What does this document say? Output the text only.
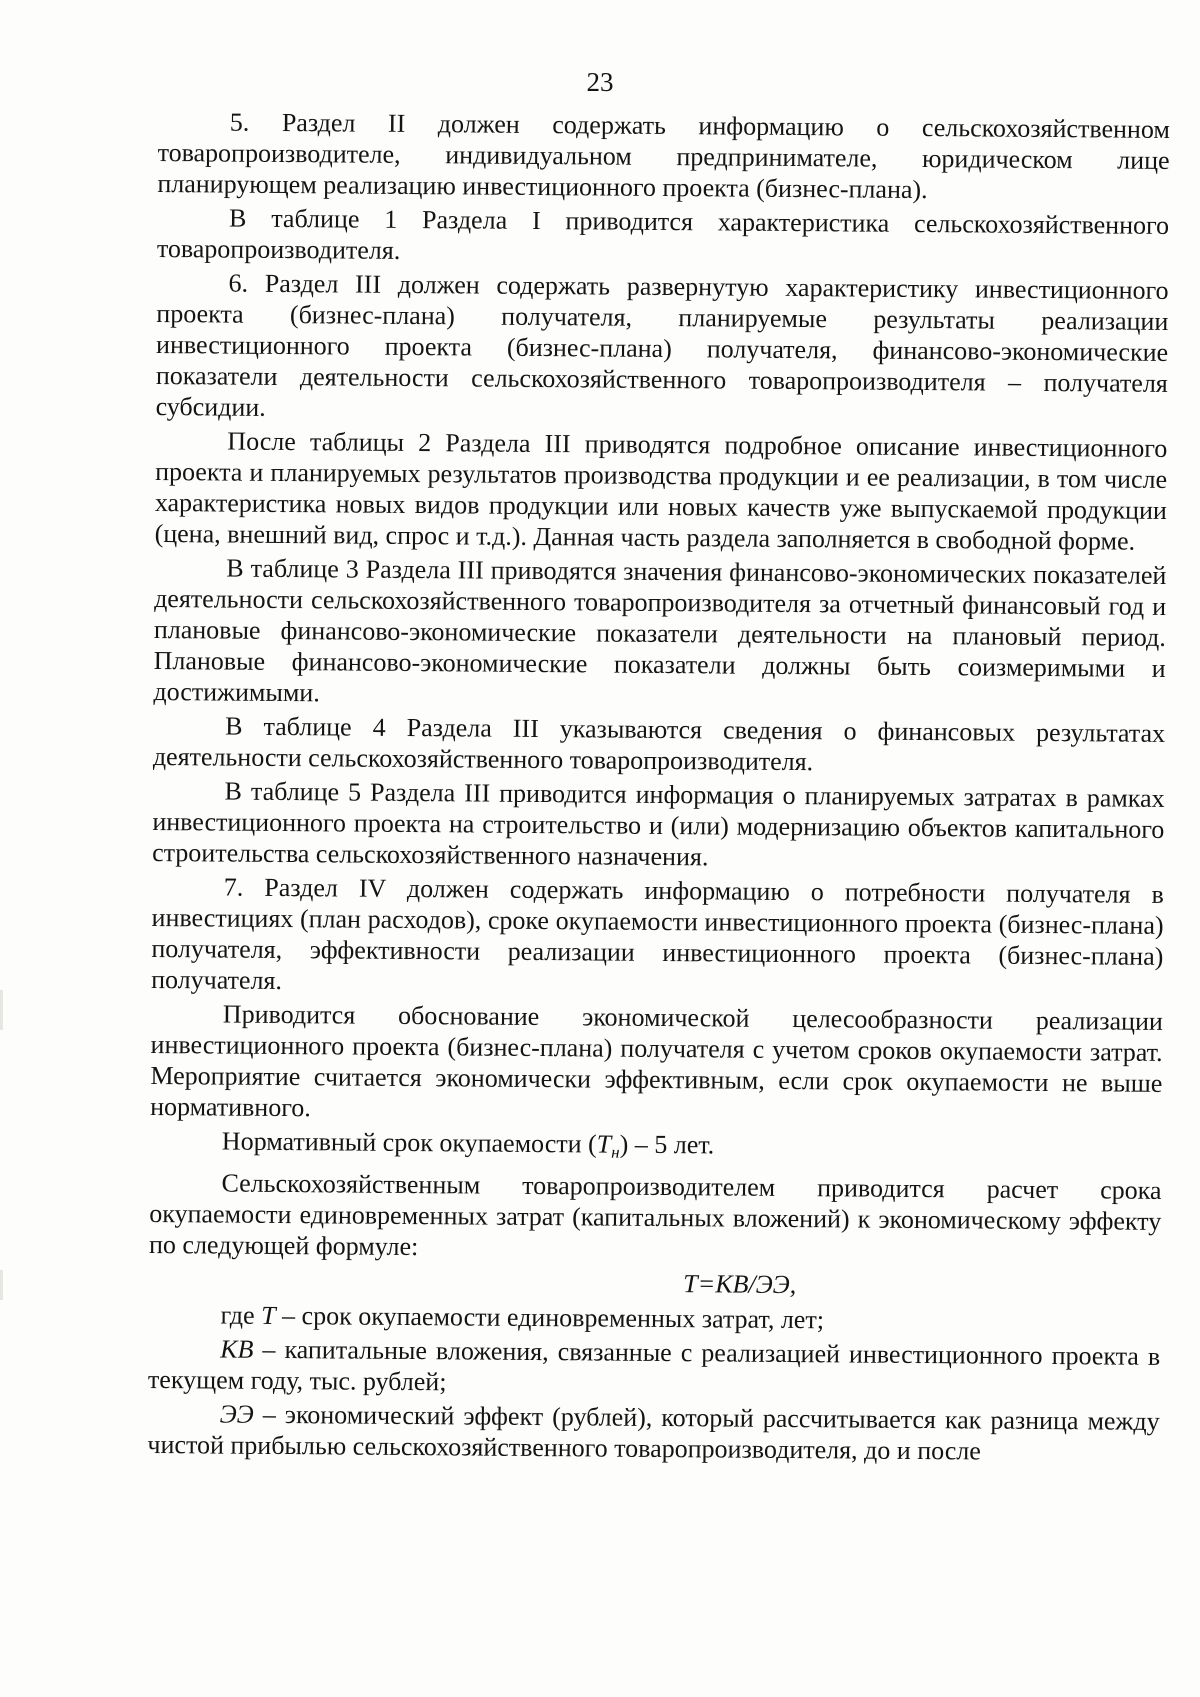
23

5. Раздел II должен содержать информацию о сельскохозяйственном товаропроизводителе, индивидуальном предпринимателе, юридическом лице планирующем реализацию инвестиционного проекта (бизнес-плана).

В таблице 1 Раздела I приводится характеристика сельскохозяйственного товаропроизводителя.

6. Раздел III должен содержать развернутую характеристику инвестиционного проекта (бизнес-плана) получателя, планируемые результаты реализации инвестиционного проекта (бизнес-плана) получателя, финансово-экономические показатели деятельности сельскохозяйственного товаропроизводителя – получателя субсидии.

После таблицы 2 Раздела III приводятся подробное описание инвестиционного проекта и планируемых результатов производства продукции и ее реализации, в том числе характеристика новых видов продукции или новых качеств уже выпускаемой продукции (цена, внешний вид, спрос и т.д.). Данная часть раздела заполняется в свободной форме.

В таблице 3 Раздела III приводятся значения финансово-экономических показателей деятельности сельскохозяйственного товаропроизводителя за отчетный финансовый год и плановые финансово-экономические показатели деятельности на плановый период. Плановые финансово-экономические показатели должны быть соизмеримыми и достижимыми.

В таблице 4 Раздела III указываются сведения о финансовых результатах деятельности сельскохозяйственного товаропроизводителя.

В таблице 5 Раздела III приводится информация о планируемых затратах в рамках инвестиционного проекта на строительство и (или) модернизацию объектов капитального строительства сельскохозяйственного назначения.

7. Раздел IV должен содержать информацию о потребности получателя в инвестициях (план расходов), сроке окупаемости инвестиционного проекта (бизнес-плана) получателя, эффективности реализации инвестиционного проекта (бизнес-плана) получателя.

Приводится обоснование экономической целесообразности реализации инвестиционного проекта (бизнес-плана) получателя с учетом сроков окупаемости затрат. Мероприятие считается экономически эффективным, если срок окупаемости не выше нормативного.

Нормативный срок окупаемости $(T_н) - 5$ лет.

Сельскохозяйственным товаропроизводителем приводится расчет срока окупаемости единовременных затрат (капитальных вложений) к экономическому эффекту по следующей формуле:

T=KB/ЭЭ,

где T – срок окупаемости единовременных затрат, лет;

KB – капитальные вложения, связанные с реализацией инвестиционного проекта в текущем году, тыс. рублей;

ЭЭ – экономический эффект (рублей), который рассчитывается как разница между чистой прибылью сельскохозяйственного товаропроизводителя, до и после
